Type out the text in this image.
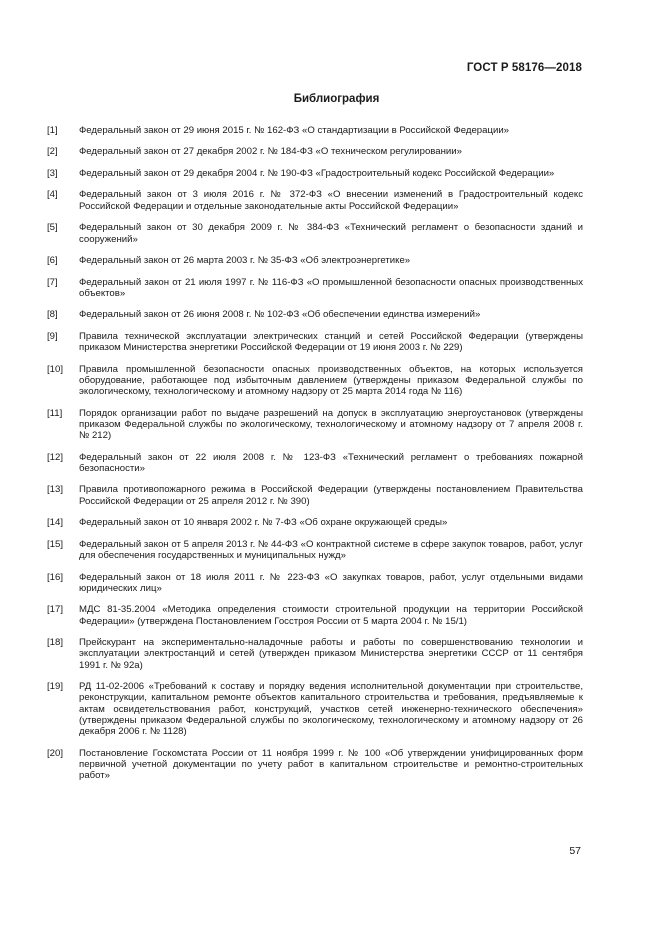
ГОСТ Р 58176—2018
Библиография
[1]	Федеральный закон от 29 июня 2015 г. № 162-ФЗ «О стандартизации в Российской Федерации»
[2]	Федеральный закон от 27 декабря 2002 г. № 184-ФЗ «О техническом регулировании»
[3]	Федеральный закон от 29 декабря 2004 г. № 190-ФЗ «Градостроительный кодекс Российской Федерации»
[4]	Федеральный закон от 3 июля 2016 г. № 372-ФЗ «О внесении изменений в Градостроительный кодекс Российской Федерации и отдельные законодательные акты Российской Федерации»
[5]	Федеральный закон от 30 декабря 2009 г. № 384-ФЗ «Технический регламент о безопасности зданий и сооружений»
[6]	Федеральный закон от 26 марта 2003 г. № 35-ФЗ «Об электроэнергетике»
[7]	Федеральный закон от 21 июля 1997 г. № 116-ФЗ «О промышленной безопасности опасных производственных объектов»
[8]	Федеральный закон от 26 июня 2008 г. № 102-ФЗ «Об обеспечении единства измерений»
[9]	Правила технической эксплуатации электрических станций и сетей Российской Федерации (утверждены приказом Министерства энергетики Российской Федерации от 19 июня 2003 г. № 229)
[10]	Правила промышленной безопасности опасных производственных объектов, на которых используется оборудование, работающее под избыточным давлением (утверждены приказом Федеральной службы по экологическому, технологическому и атомному надзору от 25 марта 2014 года № 116)
[11]	Порядок организации работ по выдаче разрешений на допуск в эксплуатацию энергоустановок (утверждены приказом Федеральной службы по экологическому, технологическому и атомному надзору от 7 апреля 2008 г. № 212)
[12]	Федеральный закон от 22 июля 2008 г. № 123-ФЗ «Технический регламент о требованиях пожарной безопасности»
[13]	Правила противопожарного режима в Российской Федерации (утверждены постановлением Правительства Российской Федерации от 25 апреля 2012 г. № 390)
[14]	Федеральный закон от 10 января 2002 г. № 7-ФЗ «Об охране окружающей среды»
[15]	Федеральный закон от 5 апреля 2013 г. № 44-ФЗ «О контрактной системе в сфере закупок товаров, работ, услуг для обеспечения государственных и муниципальных нужд»
[16]	Федеральный закон от 18 июля 2011 г. № 223-ФЗ «О закупках товаров, работ, услуг отдельными видами юридических лиц»
[17]	МДС 81-35.2004 «Методика определения стоимости строительной продукции на территории Российской Федерации» (утверждена Постановлением Госстроя России от 5 марта 2004 г. № 15/1)
[18]	Прейскурант на экспериментально-наладочные работы и работы по совершенствованию технологии и эксплуатации электростанций и сетей (утвержден приказом Министерства энергетики СССР от 11 сентября 1991 г. № 92а)
[19]	РД 11-02-2006 «Требований к составу и порядку ведения исполнительной документации при строительстве, реконструкции, капитальном ремонте объектов капитального строительства и требования, предъявляемые к актам освидетельствования работ, конструкций, участков сетей инженерно-технического обеспечения» (утверждены приказом Федеральной службы по экологическому, технологическому и атомному надзору от 26 декабря 2006 г. № 1128)
[20]	Постановление Госкомстата России от 11 ноября 1999 г. № 100 «Об утверждении унифицированных форм первичной учетной документации по учету работ в капитальном строительстве и ремонтно-строительных работ»
57
